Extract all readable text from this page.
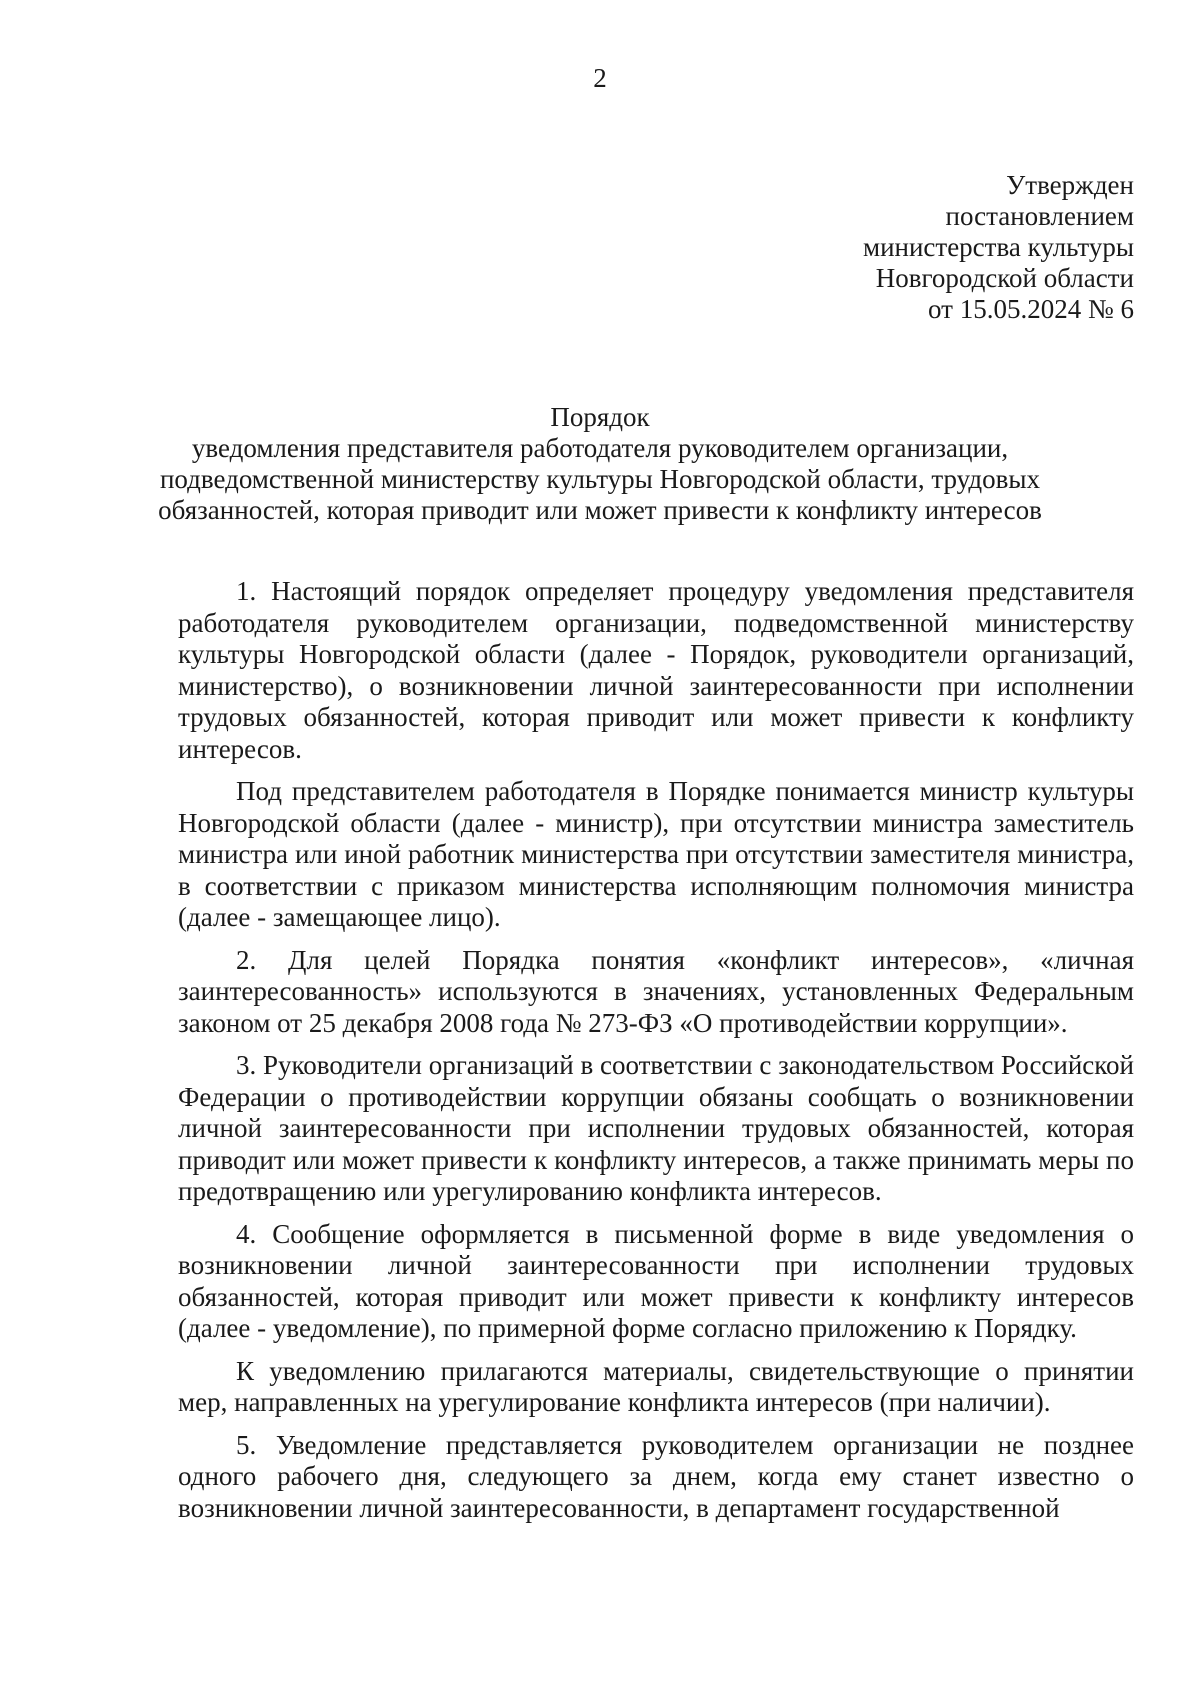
2
Утвержден
постановлением
министерства культуры
Новгородской области
от 15.05.2024 № 6
Порядок
уведомления представителя работодателя руководителем организации,
подведомственной министерству культуры Новгородской области, трудовых
обязанностей, которая приводит или может привести к конфликту интересов

1. Настоящий порядок определяет процедуру уведомления представителя работодателя руководителем организации, подведомственной министерству культуры Новгородской области (далее - Порядок, руководители организаций, министерство), о возникновении личной заинтересованности при исполнении трудовых обязанностей, которая приводит или может привести к конфликту интересов.

Под представителем работодателя в Порядке понимается министр культуры Новгородской области (далее - министр), при отсутствии министра заместитель министра или иной работник министерства при отсутствии заместителя министра, в соответствии с приказом министерства исполняющим полномочия министра (далее - замещающее лицо).

2. Для целей Порядка понятия «конфликт интересов», «личная заинтересованность» используются в значениях, установленных Федеральным законом от 25 декабря 2008 года № 273-ФЗ «О противодействии коррупции».

3. Руководители организаций в соответствии с законодательством Российской Федерации о противодействии коррупции обязаны сообщать о возникновении личной заинтересованности при исполнении трудовых обязанностей, которая приводит или может привести к конфликту интересов, а также принимать меры по предотвращению или урегулированию конфликта интересов.

4. Сообщение оформляется в письменной форме в виде уведомления о возникновении личной заинтересованности при исполнении трудовых обязанностей, которая приводит или может привести к конфликту интересов (далее - уведомление), по примерной форме согласно приложению к Порядку.

К уведомлению прилагаются материалы, свидетельствующие о принятии мер, направленных на урегулирование конфликта интересов (при наличии).

5. Уведомление представляется руководителем организации не позднее одного рабочего дня, следующего за днем, когда ему станет известно о возникновении личной заинтересованности, в департамент государственной
